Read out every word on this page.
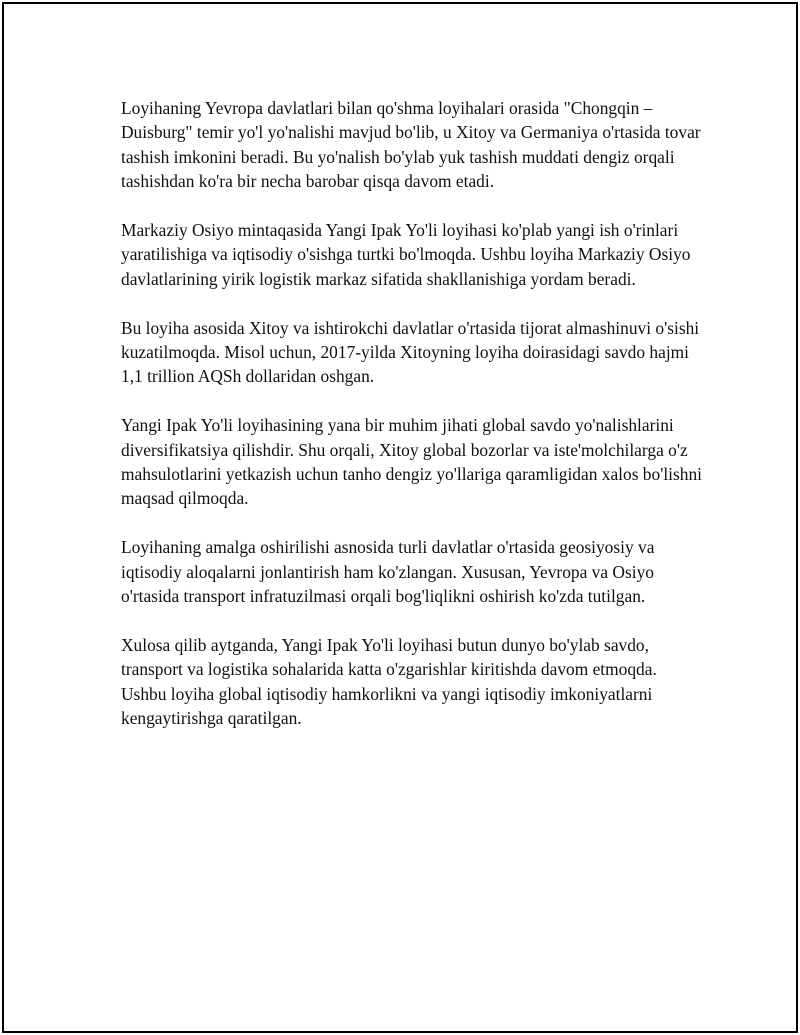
Loyihaning Yevropa davlatlari bilan qo'shma loyihalari orasida "Chongqin – Duisburg" temir yo'l yo'nalishi mavjud bo'lib, u Xitoy va Germaniya o'rtasida tovar tashish imkonini beradi. Bu yo'nalish bo'ylab yuk tashish muddati dengiz orqali tashishdan ko'ra bir necha barobar qisqa davom etadi.

Markaziy Osiyo mintaqasida Yangi Ipak Yo'li loyihasi ko'plab yangi ish o'rinlari yaratilishiga va iqtisodiy o'sishga turtki bo'lmoqda. Ushbu loyiha Markaziy Osiyo davlatlarining yirik logistik markaz sifatida shakllanishiga yordam beradi.

Bu loyiha asosida Xitoy va ishtirokchi davlatlar o'rtasida tijorat almashinuvi o'sishi kuzatilmoqda. Misol uchun, 2017-yilda Xitoyning loyiha doirasidagi savdo hajmi 1,1 trillion AQSh dollaridan oshgan.

Yangi Ipak Yo'li loyihasining yana bir muhim jihati global savdo yo'nalishlarini diversifikatsiya qilishdir. Shu orqali, Xitoy global bozorlar va iste'molchilarga o'z mahsulotlarini yetkazish uchun tanho dengiz yo'llariga qaramligidan xalos bo'lishni maqsad qilmoqda.

Loyihaning amalga oshirilishi asnosida turli davlatlar o'rtasida geosiyosiy va iqtisodiy aloqalarni jonlantirish ham ko'zlangan. Xususan, Yevropa va Osiyo o'rtasida transport infratuzilmasi orqali bog'liqlikni oshirish ko'zda tutilgan.

Xulosa qilib aytganda, Yangi Ipak Yo'li loyihasi butun dunyo bo'ylab savdo, transport va logistika sohalarida katta o'zgarishlar kiritishda davom etmoqda. Ushbu loyiha global iqtisodiy hamkorlikni va yangi iqtisodiy imkoniyatlarni kengaytirishga qaratilgan.
